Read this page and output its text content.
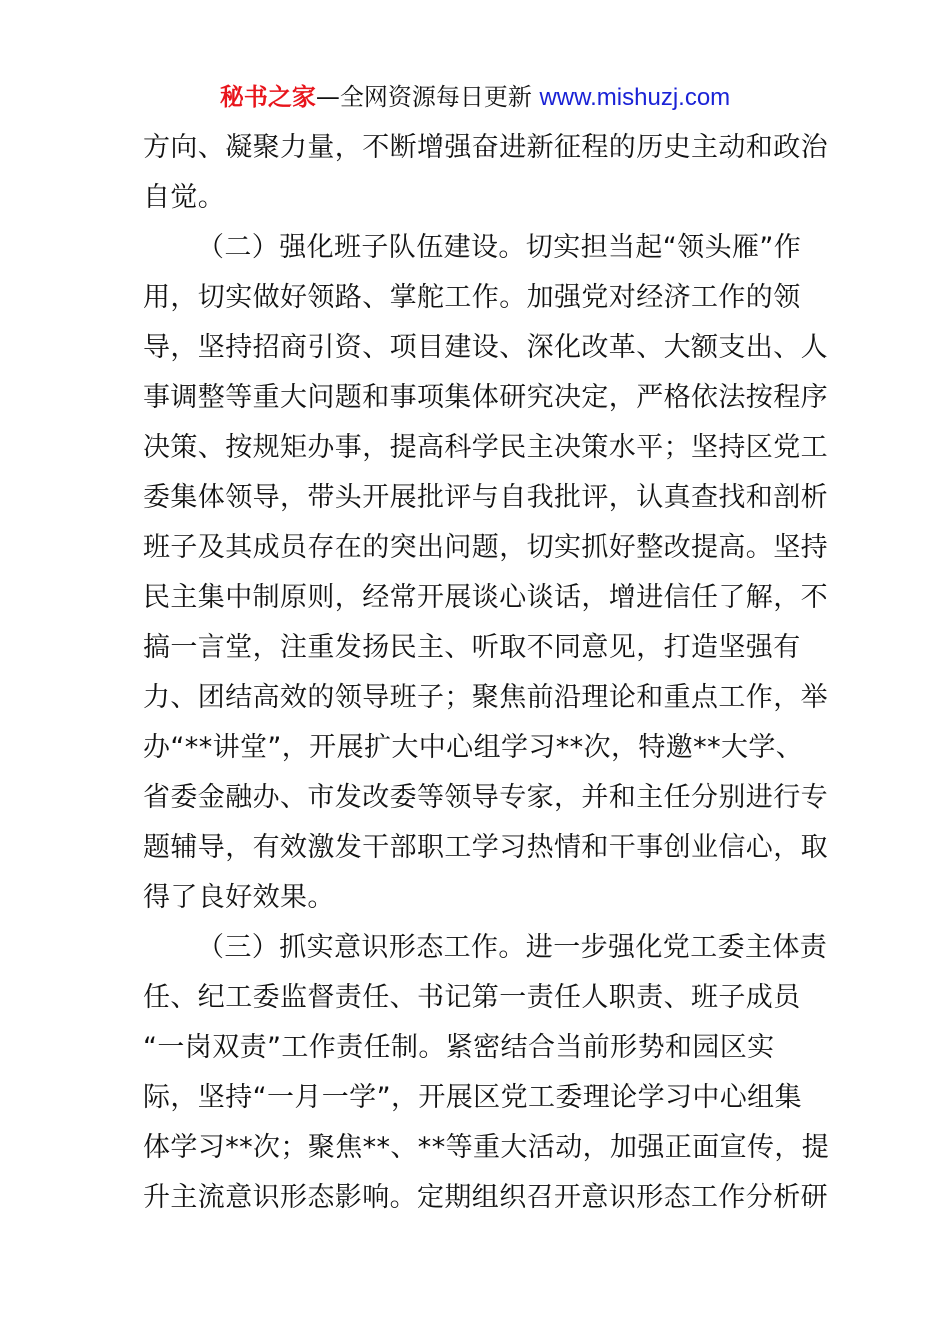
秘书之家—全网资源每日更新 www.mishuzj.com
方向、凝聚力量，不断增强奋进新征程的历史主动和政治
自觉。
（二）强化班子队伍建设。切实担当起“领头雁”作
用，切实做好领路、掌舵工作。加强党对经济工作的领
导，坚持招商引资、项目建设、深化改革、大额支出、人
事调整等重大问题和事项集体研究决定，严格依法按程序
决策、按规矩办事，提高科学民主决策水平；坚持区党工
委集体领导，带头开展批评与自我批评，认真查找和剖析
班子及其成员存在的突出问题，切实抓好整改提高。坚持
民主集中制原则，经常开展谈心谈话，增进信任了解，不
搞一言堂，注重发扬民主、听取不同意见，打造坚强有
力、团结高效的领导班子；聚焦前沿理论和重点工作，举
办“**讲堂”，开展扩大中心组学习**次，特邀**大学、
省委金融办、市发改委等领导专家，并和主任分别进行专
题辅导，有效激发干部职工学习热情和干事创业信心，取
得了良好效果。
（三）抓实意识形态工作。进一步强化党工委主体责
任、纪工委监督责任、书记第一责任人职责、班子成员
“一岗双责”工作责任制。紧密结合当前形势和园区实
际，坚持“一月一学”，开展区党工委理论学习中心组集
体学习**次；聚焦**、**等重大活动，加强正面宣传，提
升主流意识形态影响。定期组织召开意识形态工作分析研
